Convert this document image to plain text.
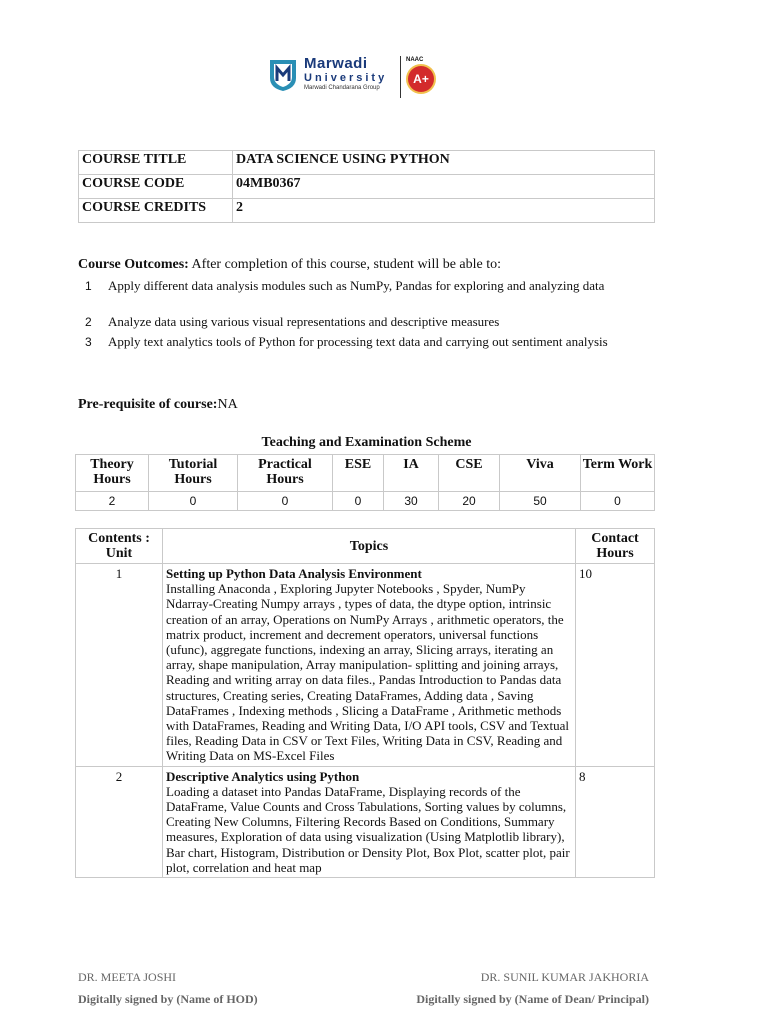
Marwadi
University
Marwadi Chandarana Group
NAAC
A+
COURSE TITLE	DATA SCIENCE USING PYTHON
COURSE CODE	04MB0367
COURSE CREDITS	2
Course Outcomes: After completion of this course, student will be able to:
1 Apply different data analysis modules such as NumPy, Pandas for exploring and analyzing data
2 Analyze data using various visual representations and descriptive measures
3 Apply text analytics tools of Python for processing text data and carrying out sentiment analysis
Pre-requisite of course:NA
Teaching and Examination Scheme
Theory Hours	Tutorial Hours	Practical Hours	ESE	IA	CSE	Viva	Term Work
2	0	0	0	30	20	50	0
Contents : Unit	Topics	Contact Hours
1	Setting up Python Data Analysis Environment
Installing Anaconda , Exploring Jupyter Notebooks , Spyder, NumPy Ndarray-Creating Numpy arrays , types of data, the dtype option, intrinsic creation of an array, Operations on NumPy Arrays , arithmetic operators, the matrix product, increment and decrement operators, universal functions (ufunc), aggregate functions, indexing an array, Slicing arrays, iterating an array, shape manipulation, Array manipulation- splitting and joining arrays, Reading and writing array on data files., Pandas Introduction to Pandas data structures, Creating series, Creating DataFrames, Adding data , Saving DataFrames , Indexing methods , Slicing a DataFrame , Arithmetic methods with DataFrames, Reading and Writing Data, I/O API tools, CSV and Textual files, Reading Data in CSV or Text Files, Writing Data in CSV, Reading and Writing Data on MS-Excel Files	10
2	Descriptive Analytics using Python
Loading a dataset into Pandas DataFrame, Displaying records of the DataFrame, Value Counts and Cross Tabulations, Sorting values by columns, Creating New Columns, Filtering Records Based on Conditions, Summary measures, Exploration of data using visualization (Using Matplotlib library), Bar chart, Histogram, Distribution or Density Plot, Box Plot, scatter plot, pair plot, correlation and heat map	8
DR. MEETA JOSHI
Digitally signed by (Name of HOD)
DR. SUNIL KUMAR JAKHORIA
Digitally signed by (Name of Dean/ Principal)
